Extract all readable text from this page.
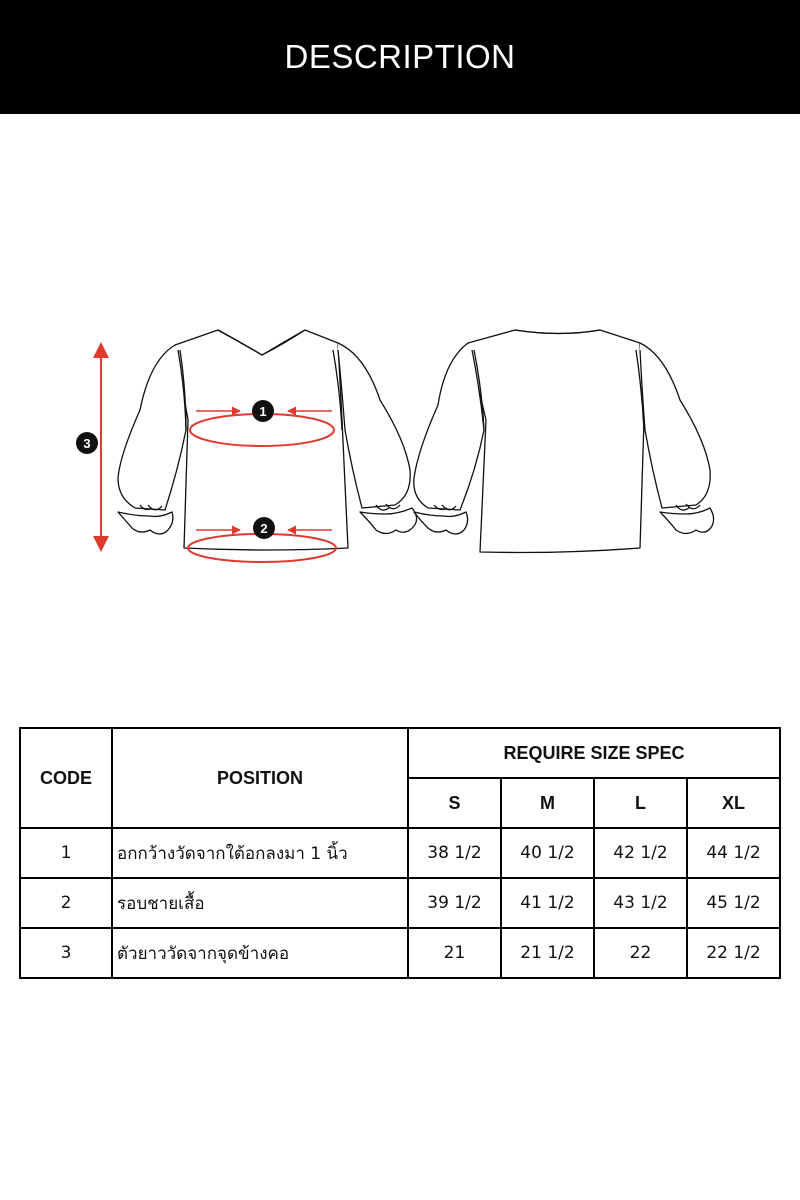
DESCRIPTION
1
2
3
CODE	POSITION	REQUIRE SIZE SPEC			
		S	M	L	XL
1	อกกว้างวัดจากใต้อกลงมา 1 นิ้ว	38 1/2	40 1/2	42 1/2	44 1/2
2	รอบชายเสื้อ	39 1/2	41 1/2	43 1/2	45 1/2
3	ตัวยาววัดจากจุดข้างคอ	21	21 1/2	22	22 1/2
